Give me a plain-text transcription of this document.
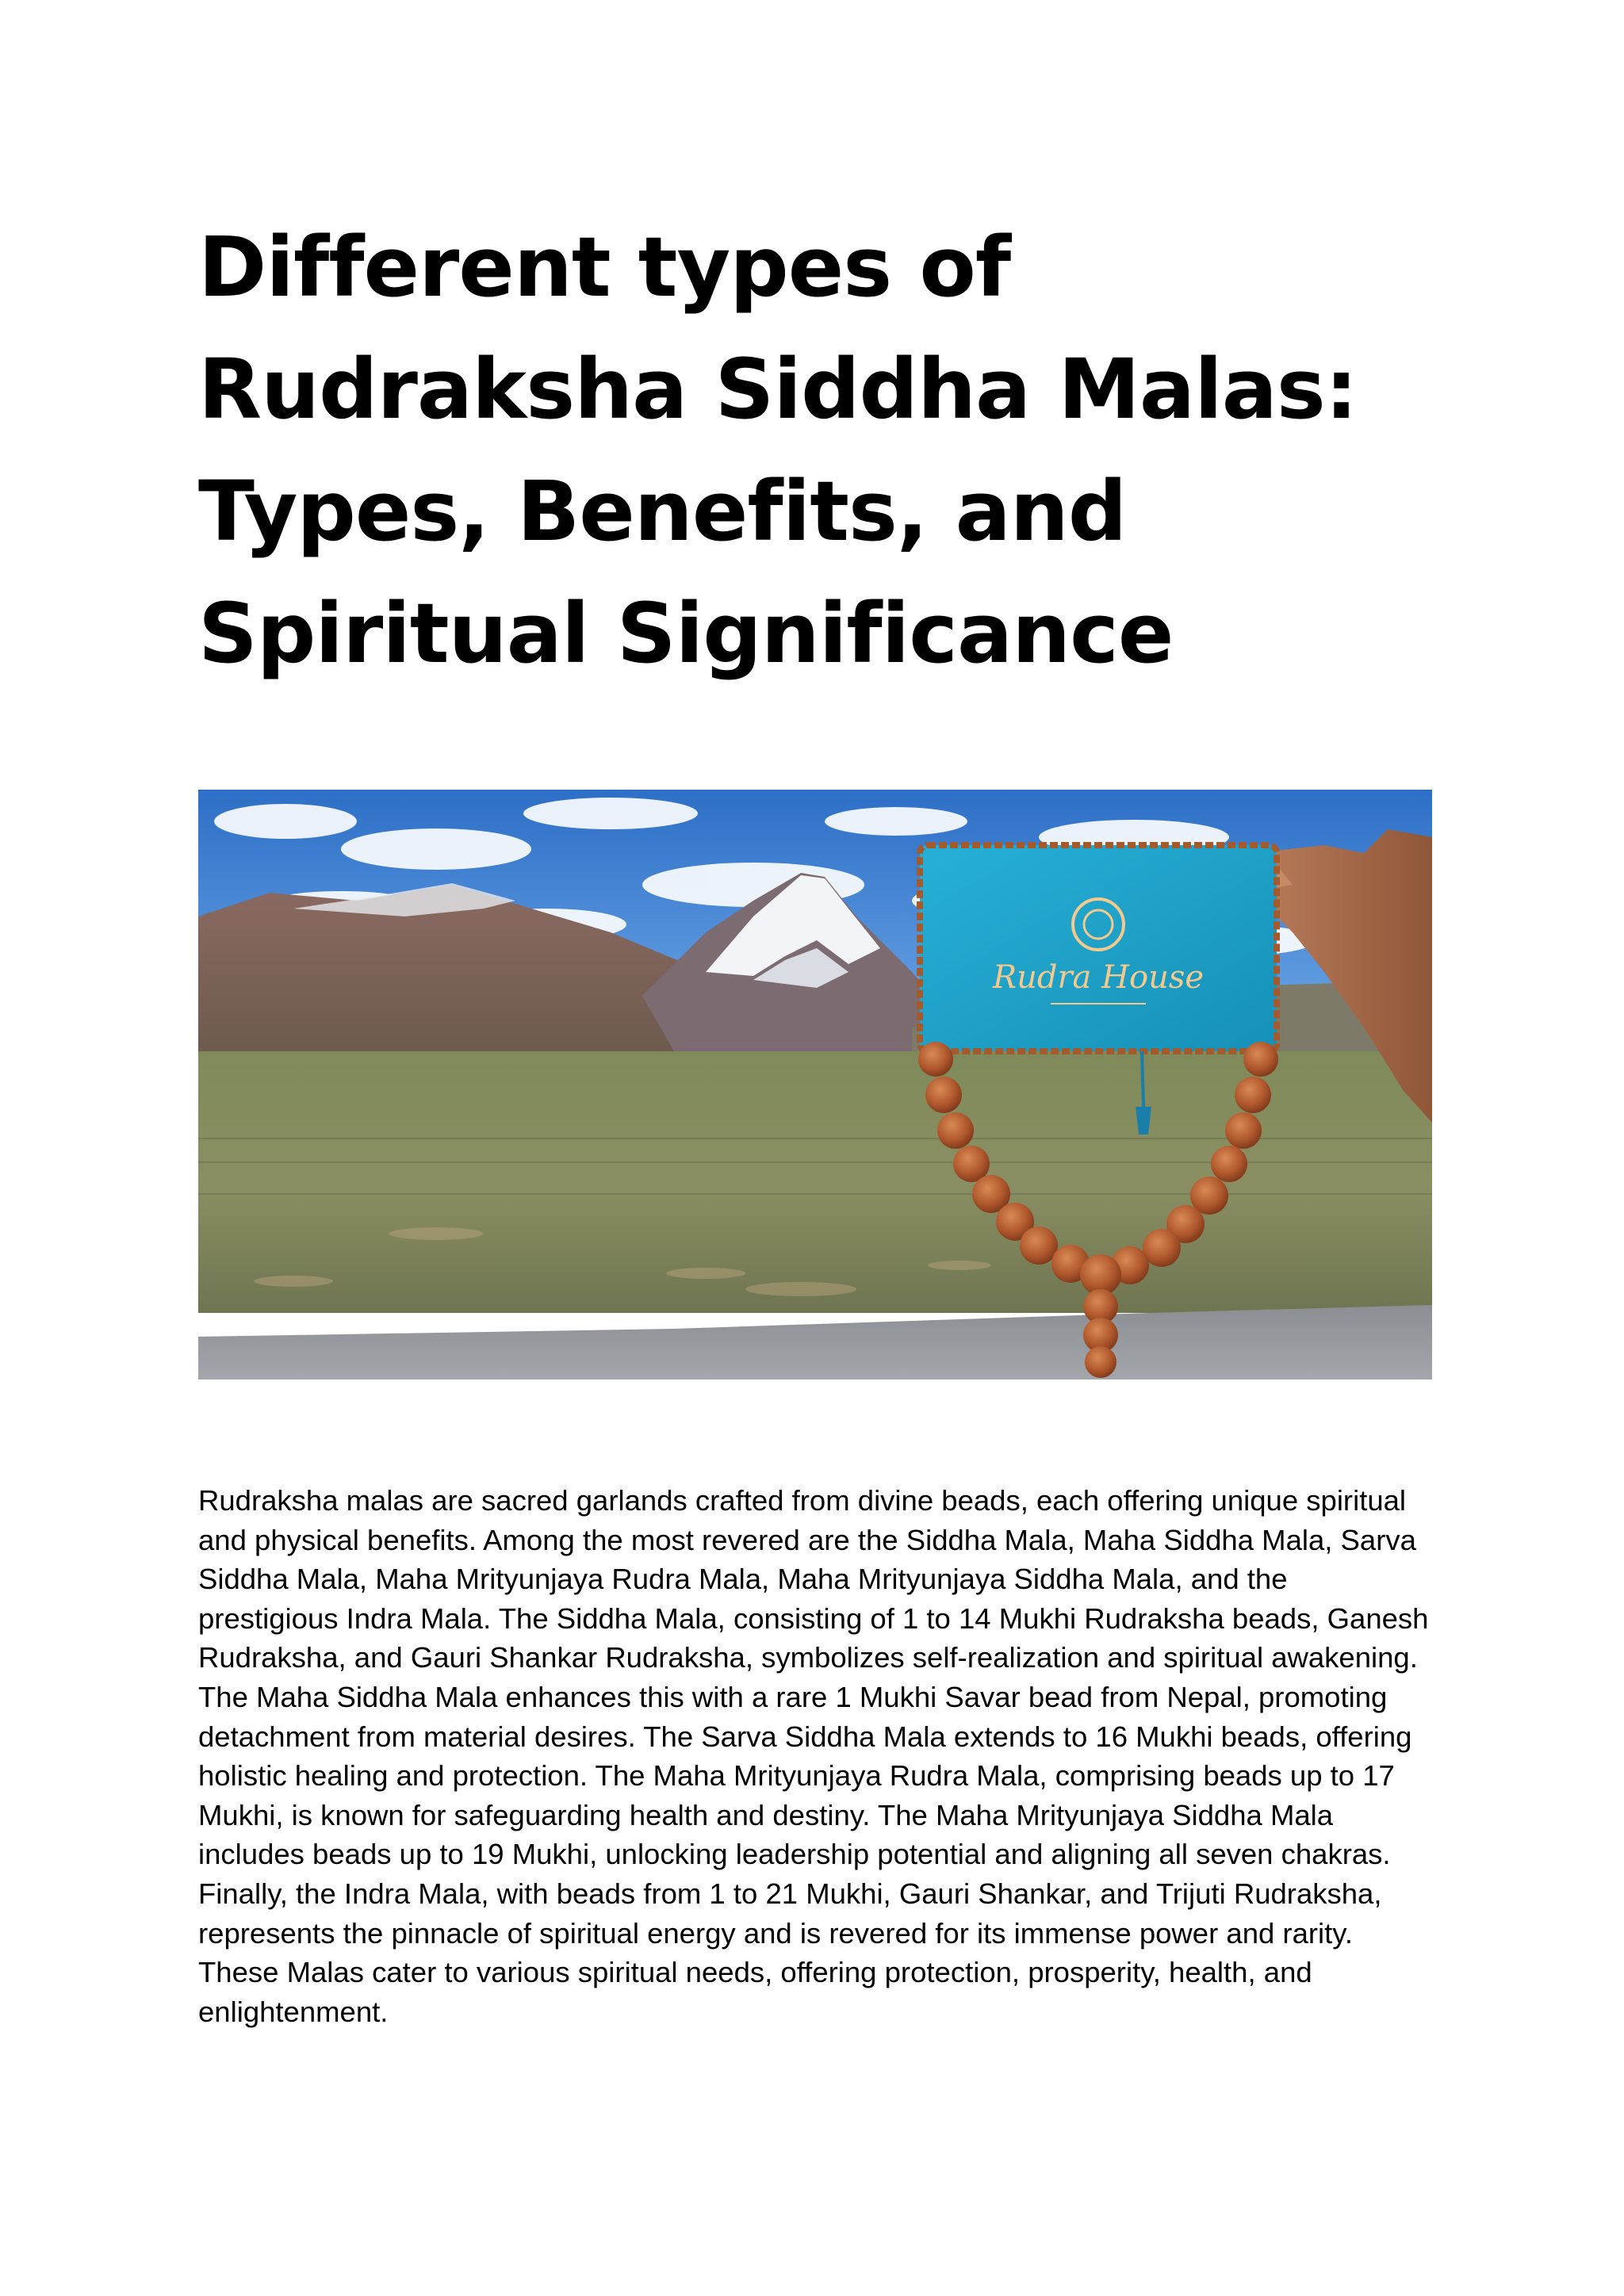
Different types of Rudraksha Siddha Malas: Types, Benefits, and Spiritual Significance
Rudra House

Rudraksha malas are sacred garlands crafted from divine beads, each offering unique spiritual and physical benefits. Among the most revered are the Siddha Mala, Maha Siddha Mala, Sarva Siddha Mala, Maha Mrityunjaya Rudra Mala, Maha Mrityunjaya Siddha Mala, and the prestigious Indra Mala. The Siddha Mala, consisting of 1 to 14 Mukhi Rudraksha beads, Ganesh Rudraksha, and Gauri Shankar Rudraksha, symbolizes self-realization and spiritual awakening. The Maha Siddha Mala enhances this with a rare 1 Mukhi Savar bead from Nepal, promoting detachment from material desires. The Sarva Siddha Mala extends to 16 Mukhi beads, offering holistic healing and protection. The Maha Mrityunjaya Rudra Mala, comprising beads up to 17 Mukhi, is known for safeguarding health and destiny. The Maha Mrityunjaya Siddha Mala includes beads up to 19 Mukhi, unlocking leadership potential and aligning all seven chakras. Finally, the Indra Mala, with beads from 1 to 21 Mukhi, Gauri Shankar, and Trijuti Rudraksha, represents the pinnacle of spiritual energy and is revered for its immense power and rarity. These Malas cater to various spiritual needs, offering protection, prosperity, health, and enlightenment.
